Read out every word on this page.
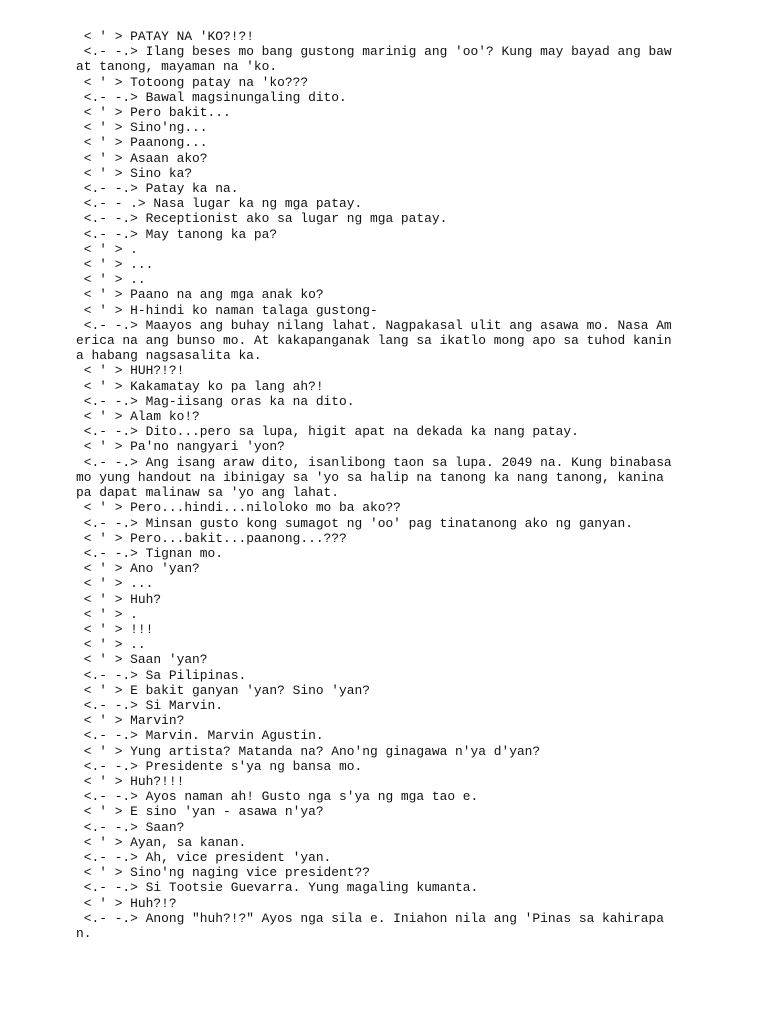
< ' > PATAY NA 'KO?!?!
<.- -.> Ilang beses mo bang gustong marinig ang 'oo'? Kung may bayad ang bawat tanong, mayaman na 'ko.
< ' > Totoong patay na 'ko???
<.- -.> Bawal magsinungaling dito.
< ' > Pero bakit...
< ' > Sino'ng...
< ' > Paanong...
< ' > Asaan ako?
< ' > Sino ka?
<.- -.> Patay ka na.
<.- - .> Nasa lugar ka ng mga patay.
<.- -.> Receptionist ako sa lugar ng mga patay.
<.- -.> May tanong ka pa?
< ' > .
< ' > ...
< ' > ..
< ' > Paano na ang mga anak ko?
< ' > H-hindi ko naman talaga gustong-
<.- -.> Maayos ang buhay nilang lahat. Nagpakasal ulit ang asawa mo. Nasa America na ang bunso mo. At kakapanganak lang sa ikatlo mong apo sa tuhod kanina habang nagsasalita ka.
< ' > HUH?!?!
< ' > Kakamatay ko pa lang ah?!
<.- -.> Mag-iisang oras ka na dito.
< ' > Alam ko!?
<.- -.> Dito...pero sa lupa, higit apat na dekada ka nang patay.
< ' > Pa'no nangyari 'yon?
<.- -.> Ang isang araw dito, isanlibong taon sa lupa. 2049 na. Kung binabasa mo yung handout na ibinigay sa 'yo sa halip na tanong ka nang tanong, kanina pa dapat malinaw sa 'yo ang lahat.
< ' > Pero...hindi...niloloko mo ba ako??
<.- -.> Minsan gusto kong sumagot ng 'oo' pag tinatanong ako ng ganyan.
< ' > Pero...bakit...paanong...???
<.- -.> Tignan mo.
< ' > Ano 'yan?
< ' > ...
< ' > Huh?
< ' > .
< ' > !!!
< ' > ..
< ' > Saan 'yan?
<.- -.> Sa Pilipinas.
< ' > E bakit ganyan 'yan? Sino 'yan?
<.- -.> Si Marvin.
< ' > Marvin?
<.- -.> Marvin. Marvin Agustin.
< ' > Yung artista? Matanda na? Ano'ng ginagawa n'ya d'yan?
<.- -.> Presidente s'ya ng bansa mo.
< ' > Huh?!!!
<.- -.> Ayos naman ah! Gusto nga s'ya ng mga tao e.
< ' > E sino 'yan - asawa n'ya?
<.- -.> Saan?
< ' > Ayan, sa kanan.
<.- -.> Ah, vice president 'yan.
< ' > Sino'ng naging vice president??
<.- -.> Si Tootsie Guevarra. Yung magaling kumanta.
< ' > Huh?!?
<.- -.> Anong "huh?!?" Ayos nga sila e. Iniahon nila ang 'Pinas sa kahirapan.
